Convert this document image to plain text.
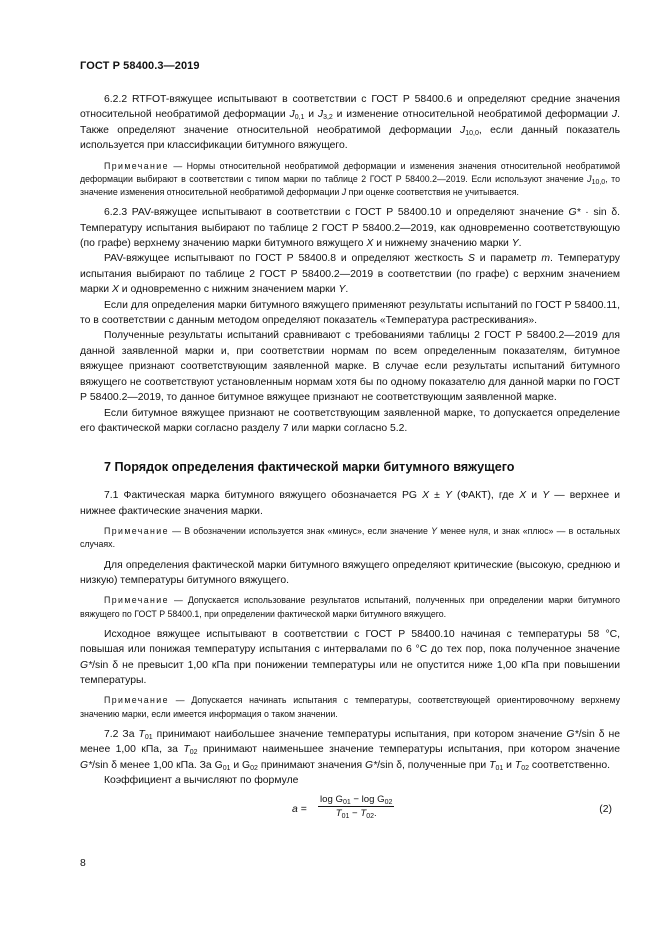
ГОСТ Р 58400.3—2019

6.2.2 RTFOT-вяжущее испытывают в соответствии с ГОСТ Р 58400.6 и определяют средние значения относительной необратимой деформации $J_{0,1}$ и $J_{3,2}$ и изменение относительной необратимой деформации J. Также определяют значение относительной необратимой деформации $J_{10,0}$, если данный показатель используется при классификации битумного вяжущего.

Примечание — Нормы относительной необратимой деформации и изменения значения относительной необратимой деформации выбирают в соответствии с типом марки по таблице 2 ГОСТ Р 58400.2—2019. Если используют значение $J_{10,0}$, то значение изменения относительной необратимой деформации J при оценке соответствия не учитывается.

6.2.3 PAV-вяжущее испытывают в соответствии с ГОСТ Р 58400.10 и определяют значение G* · sin δ. Температуру испытания выбирают по таблице 2 ГОСТ Р 58400.2—2019, как одновременно соответствующую (по графе) верхнему значению марки битумного вяжущего X и нижнему значению марки Y.

PAV-вяжущее испытывают по ГОСТ Р 58400.8 и определяют жесткость S и параметр m. Температуру испытания выбирают по таблице 2 ГОСТ Р 58400.2—2019 в соответствии (по графе) с верхним значением марки X и одновременно с нижним значением марки Y.

Если для определения марки битумного вяжущего применяют результаты испытаний по ГОСТ Р 58400.11, то в соответствии с данным методом определяют показатель «Температура растрескивания».

Полученные результаты испытаний сравнивают с требованиями таблицы 2 ГОСТ Р 58400.2—2019 для данной заявленной марки и, при соответствии нормам по всем определенным показателям, битумное вяжущее признают соответствующим заявленной марке. В случае если результаты испытаний битумного вяжущего не соответствуют установленным нормам хотя бы по одному показателю для данной марки по ГОСТ Р 58400.2—2019, то данное битумное вяжущее признают не соответствующим заявленной марке.

Если битумное вяжущее признают не соответствующим заявленной марке, то допускается определение его фактической марки согласно разделу 7 или марки согласно 5.2.

7 Порядок определения фактической марки битумного вяжущего

7.1 Фактическая марка битумного вяжущего обозначается PG X ± Y (ФАКТ), где X и Y — верхнее и нижнее фактические значения марки.

Примечание — В обозначении используется знак «минус», если значение Y менее нуля, и знак «плюс» — в остальных случаях.

Для определения фактической марки битумного вяжущего определяют критические (высокую, среднюю и низкую) температуры битумного вяжущего.

Примечание — Допускается использование результатов испытаний, полученных при определении марки битумного вяжущего по ГОСТ Р 58400.1, при определении фактической марки битумного вяжущего.

Исходное вяжущее испытывают в соответствии с ГОСТ Р 58400.10 начиная с температуры 58 °С, повышая или понижая температуру испытания с интервалами по 6 °С до тех пор, пока полученное значение G*/sin δ не превысит 1,00 кПа при понижении температуры или не опустится ниже 1,00 кПа при повышении температуры.

Примечание — Допускается начинать испытания с температуры, соответствующей ориентировочному верхнему значению марки, если имеется информация о таком значении.

7.2 За $T_{01}$ принимают наибольшее значение температуры испытания, при котором значение G*/sin δ не менее 1,00 кПа, за $T_{02}$ принимают наименьшее значение температуры испытания, при котором значение G*/sin δ менее 1,00 кПа. За $G_{01}$ и $G_{02}$ принимают значения G*/sin δ, полученные при $T_{01}$ и $T_{02}$ соответственно.

Коэффициент a вычисляют по формуле

$a = \frac{\log G_{01} - \log G_{02}}{T_{01} - T_{02}.}$	(2)
8
